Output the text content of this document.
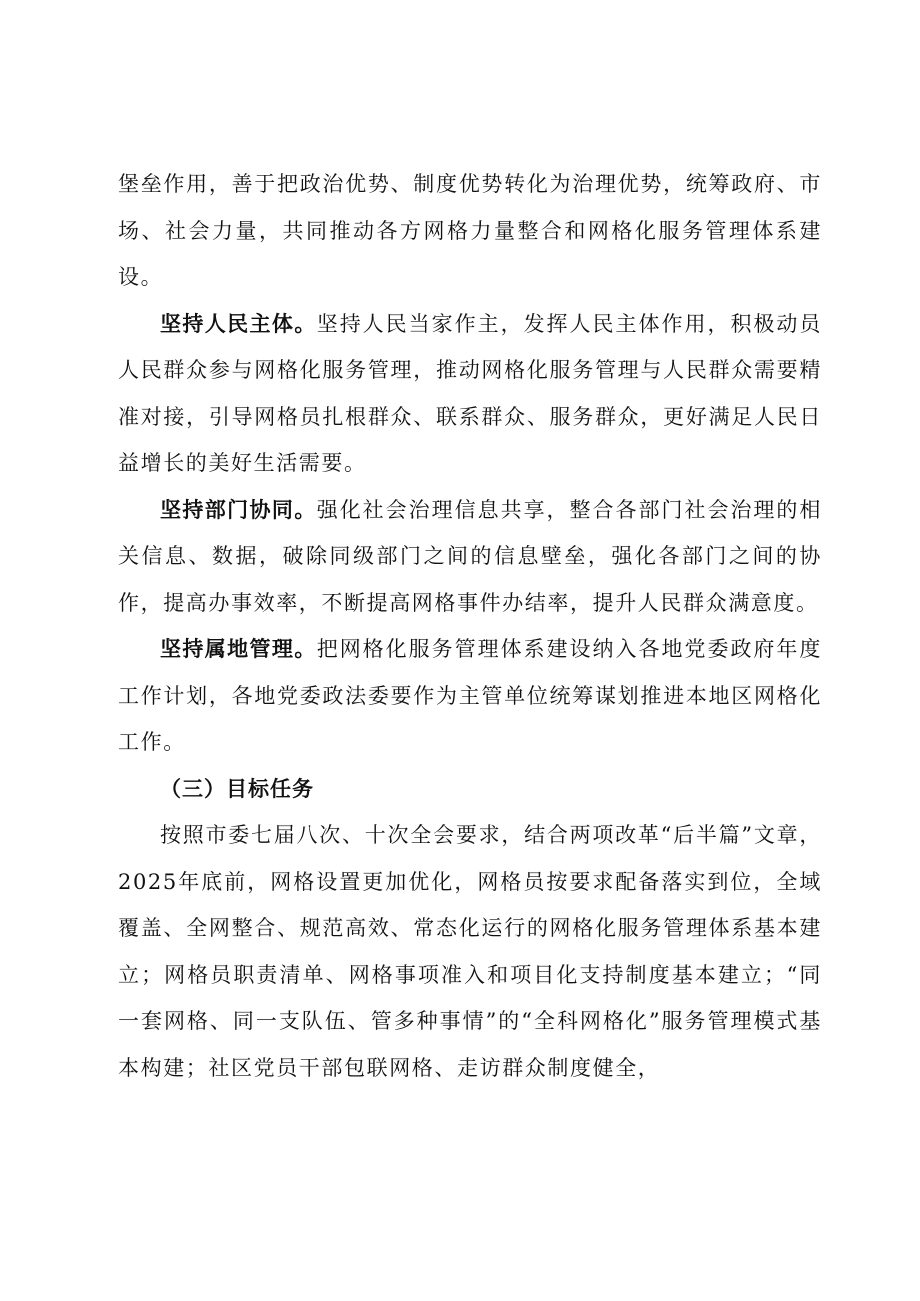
堡垒作用，善于把政治优势、制度优势转化为治理优势，统筹政府、市场、社会力量，共同推动各方网格力量整合和网格化服务管理体系建设。

坚持人民主体。坚持人民当家作主，发挥人民主体作用，积极动员人民群众参与网格化服务管理，推动网格化服务管理与人民群众需要精准对接，引导网格员扎根群众、联系群众、服务群众，更好满足人民日益增长的美好生活需要。

坚持部门协同。强化社会治理信息共享，整合各部门社会治理的相关信息、数据，破除同级部门之间的信息壁垒，强化各部门之间的协作，提高办事效率，不断提高网格事件办结率，提升人民群众满意度。

坚持属地管理。把网格化服务管理体系建设纳入各地党委政府年度工作计划，各地党委政法委要作为主管单位统筹谋划推进本地区网格化工作。

（三）目标任务

按照市委七届八次、十次全会要求，结合两项改革“后半篇”文章，2025年底前，网格设置更加优化，网格员按要求配备落实到位，全域覆盖、全网整合、规范高效、常态化运行的网格化服务管理体系基本建立；网格员职责清单、网格事项准入和项目化支持制度基本建立；“同一套网格、同一支队伍、管多种事情”的“全科网格化”服务管理模式基本构建；社区党员干部包联网格、走访群众制度健全，
